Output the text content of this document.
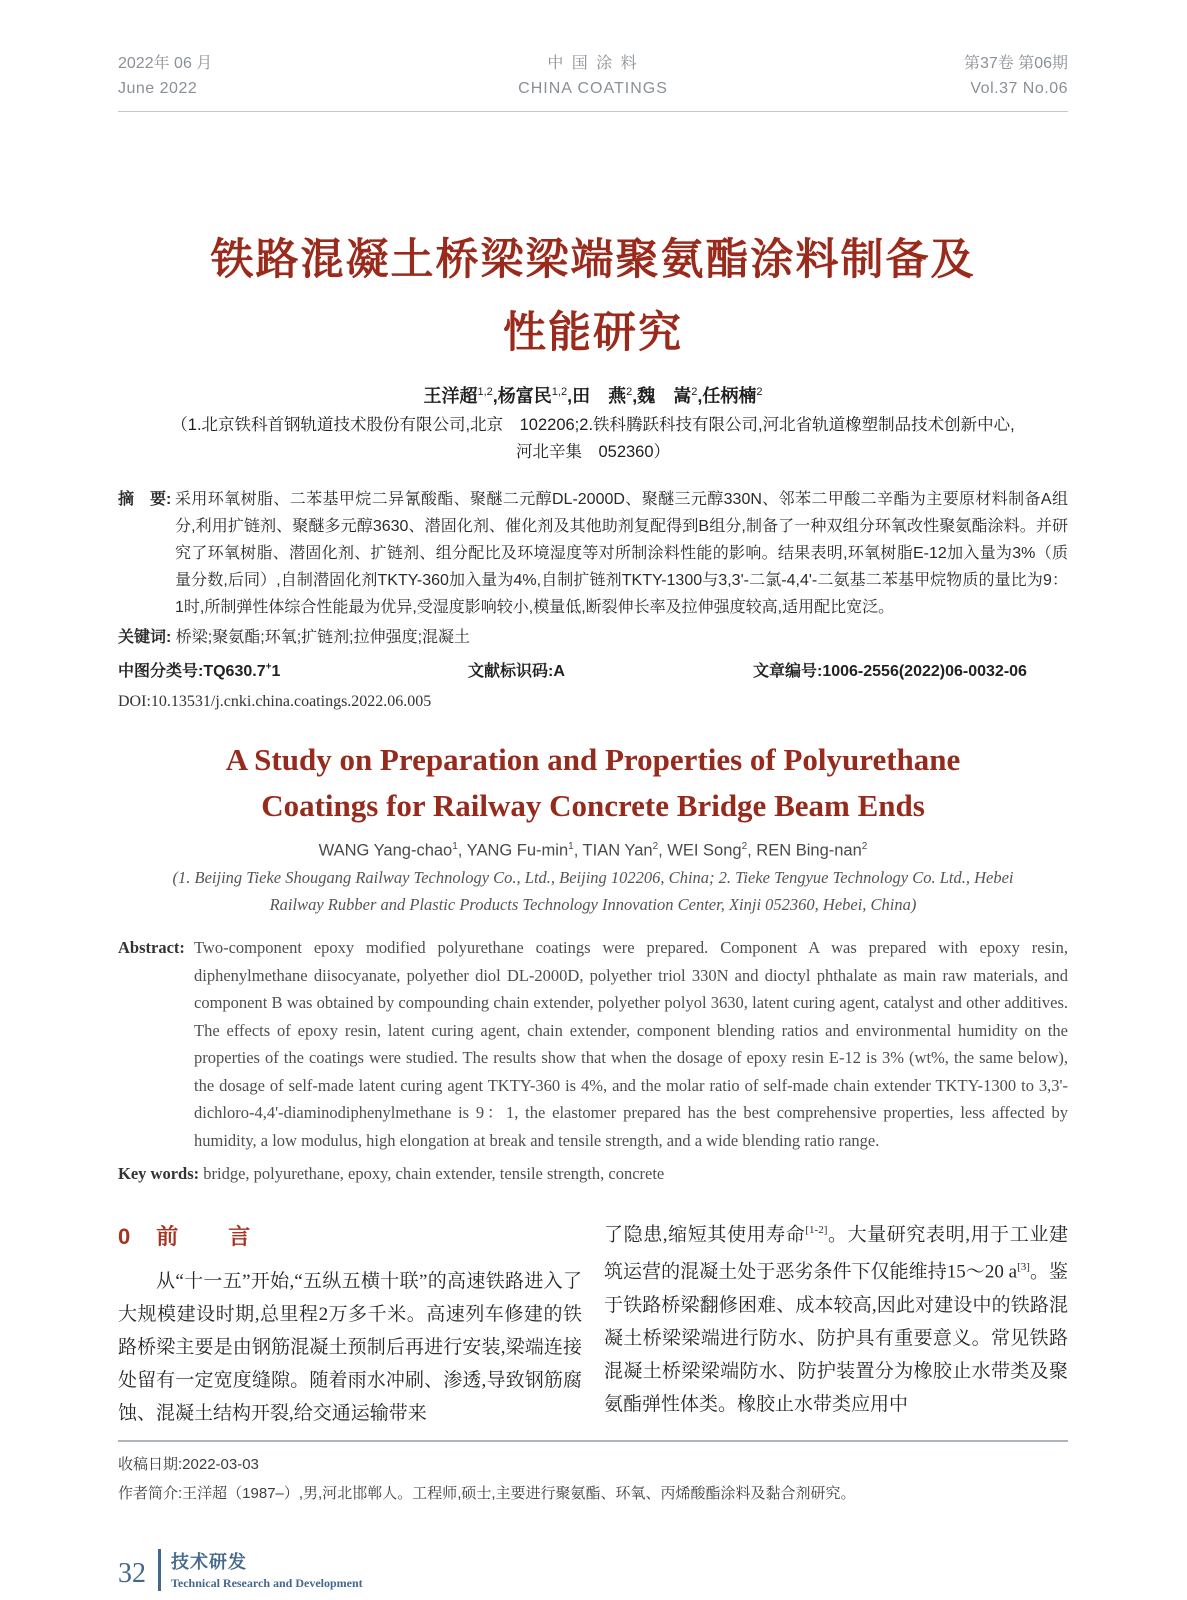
2022年 06 月
June 2022
中 国 涂 料
CHINA COATINGS
第37卷 第06期
Vol.37 No.06
铁路混凝土桥梁梁端聚氨酯涂料制备及
性能研究
王洋超$^{1,2}$,杨富民$^{1,2}$,田　燕$^2$,魏　嵩$^2$,任柄楠$^2$
（1.北京铁科首钢轨道技术股份有限公司,北京　102206;2.铁科腾跃科技有限公司,河北省轨道橡塑制品技术创新中心,
河北辛集　052360）
摘　要: 采用环氧树脂、二苯基甲烷二异氰酸酯、聚醚二元醇DL-2000D、聚醚三元醇330N、邻苯二甲酸二辛酯为主要原材料制备A组分,利用扩链剂、聚醚多元醇3630、潜固化剂、催化剂及其他助剂复配得到B组分,制备了一种双组分环氧改性聚氨酯涂料。并研究了环氧树脂、潜固化剂、扩链剂、组分配比及环境湿度等对所制涂料性能的影响。结果表明,环氧树脂E-12加入量为3%（质量分数,后同）,自制潜固化剂TKTY-360加入量为4%,自制扩链剂TKTY-1300与3,3'-二氯-4,4'-二氨基二苯基甲烷物质的量比为9：1时,所制弹性体综合性能最为优异,受湿度影响较小,模量低,断裂伸长率及拉伸强度较高,适用配比宽泛。
关键词: 桥梁;聚氨酯;环氧;扩链剂;拉伸强度;混凝土
中图分类号:TQ630.7+1	文献标识码:A	文章编号:1006-2556(2022)06-0032-06
DOI:10.13531/j.cnki.china.coatings.2022.06.005
A Study on Preparation and Properties of Polyurethane
Coatings for Railway Concrete Bridge Beam Ends
WANG Yang-chao$^1$, YANG $Fu-\min^1$, TIAN Yan$^2$, WEI Song$^2$, REN Bing-nan$^2$
(1. Beijing Tieke Shougang Railway Technology Co., Ltd., Beijing 102206, China; 2. Tieke Tengyue Technology Co. Ltd., Hebei
Railway Rubber and Plastic Products Technology Innovation Center, Xinji 052360, Hebei, China)
Abstract: Two-component epoxy modified polyurethane coatings were prepared. Component A was prepared with epoxy resin, diphenylmethane diisocyanate, polyether diol DL-2000D, polyether triol 330N and dioctyl phthalate as main raw materials, and component B was obtained by compounding chain extender, polyether polyol 3630, latent curing agent, catalyst and other additives. The effects of epoxy resin, latent curing agent, chain extender, component blending ratios and environmental humidity on the properties of the coatings were studied. The results show that when the dosage of epoxy resin E-12 is 3% (wt%, the same below), the dosage of self-made latent curing agent TKTY-360 is 4%, and the molar ratio of self-made chain extender TKTY-1300 to 3,3'-dichloro-4,4'-diaminodiphenylmethane is 9：1, the elastomer prepared has the best comprehensive properties, less affected by humidity, a low modulus, high elongation at break and tensile strength, and a wide blending ratio range.
Key words: bridge, polyurethane, epoxy, chain extender, tensile strength, concrete
0 前　言

从“十一五”开始,“五纵五横十联”的高速铁路进入了大规模建设时期,总里程2万多千米。高速列车修建的铁路桥梁主要是由钢筋混凝土预制后再进行安装,梁端连接处留有一定宽度缝隙。随着雨水冲刷、渗透,导致钢筋腐蚀、混凝土结构开裂,给交通运输带来

了隐患,缩短其使用寿命[1-2]。大量研究表明,用于工业建筑运营的混凝土处于恶劣条件下仅能维持15～20 a[3]。鉴于铁路桥梁翻修困难、成本较高,因此对建设中的铁路混凝土桥梁梁端进行防水、防护具有重要意义。常见铁路混凝土桥梁梁端防水、防护装置分为橡胶止水带类及聚氨酯弹性体类。橡胶止水带类应用中

收稿日期:2022-03-03
作者简介:王洋超（1987–）,男,河北邯郸人。工程师,硕士,主要进行聚氨酯、环氧、丙烯酸酯涂料及黏合剂研究。
32 技术研发
Technical Research and Development
